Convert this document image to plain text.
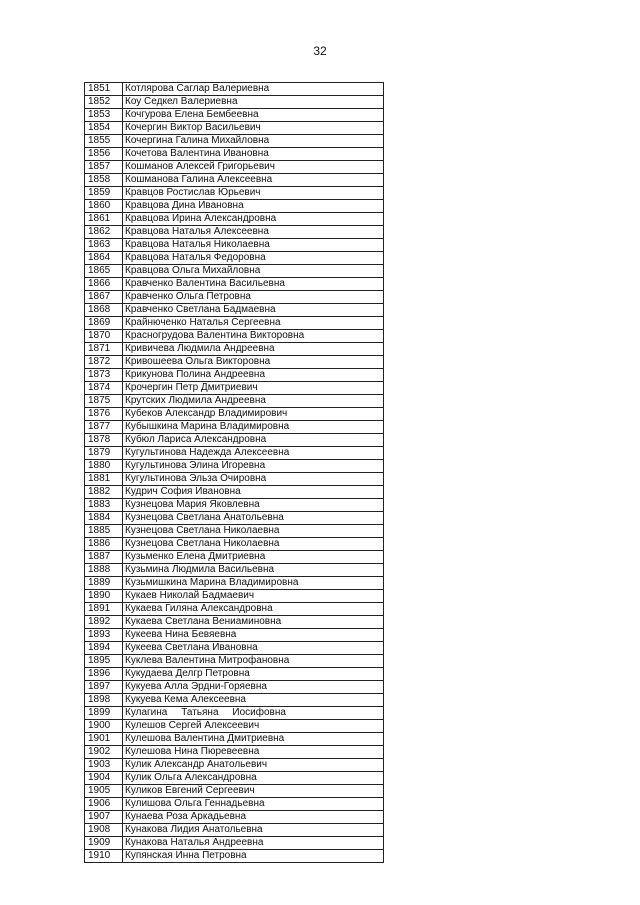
32
1851	Котлярова Саглар Валериевна
1852	Коу Седкел Валериевна
1853	Кочгурова Елена Бембеевна
1854	Кочергин Виктор Васильевич
1855	Кочергина Галина Михайловна
1856	Кочетова Валентина Ивановна
1857	Кошманов Алексей Григорьевич
1858	Кошманова Галина Алексеевна
1859	Кравцов Ростислав Юрьевич
1860	Кравцова Дина Ивановна
1861	Кравцова Ирина Александровна
1862	Кравцова Наталья Алексеевна
1863	Кравцова Наталья Николаевна
1864	Кравцова Наталья Федоровна
1865	Кравцова Ольга Михайловна
1866	Кравченко Валентина Васильевна
1867	Кравченко Ольга Петровна
1868	Кравченко Светлана Бадмаевна
1869	Крайнюченко Наталья Сергеевна
1870	Красногрудова Валентина Викторовна
1871	Кривичева Людмила Андреевна
1872	Кривошеева Ольга Викторовна
1873	Крикунова Полина Андреевна
1874	Крочергин Петр Дмитриевич
1875	Крутских Людмила Андреевна
1876	Кубеков Александр Владимирович
1877	Кубышкина Марина Владимировна
1878	Кубюл Лариса Александровна
1879	Кугультинова Надежда Алексеевна
1880	Кугультинова Элина Игоревна
1881	Кугультинова Эльза Очировна
1882	Кудрич София Ивановна
1883	Кузнецова Мария Яковлевна
1884	Кузнецова Светлана Анатольевна
1885	Кузнецова Светлана Николаевна
1886	Кузнецова Светлана Николаевна
1887	Кузьменко Елена Дмитриевна
1888	Кузьмина Людмила Васильевна
1889	Кузьмишкина Марина Владимировна
1890	Кукаев Николай Бадмаевич
1891	Кукаева Гиляна Александровна
1892	Кукаева Светлана Вениаминовна
1893	Кукеева Нина Бевяевна
1894	Кукеева Светлана Ивановна
1895	Куклева Валентина Митрофановна
1896	Кукудаева Делгр Петровна
1897	Кукуева Алла Эрдни-Горяевна
1898	Кукуева Кема Алексеевна
1899	Кулагина     Татьяна     Иосифовна
1900	Кулешов Сергей Алексеевич
1901	Кулешова Валентина Дмитриевна
1902	Кулешова Нина Пюревеевна
1903	Кулик Александр Анатольевич
1904	Кулик Ольга Александровна
1905	Куликов Евгений Сергеевич
1906	Кулишова Ольга Геннадьевна
1907	Кунаева Роза Аркадьевна
1908	Кунакова Лидия Анатольевна
1909	Кунакова Наталья Андреевна
1910	Купянская Инна Петровна
